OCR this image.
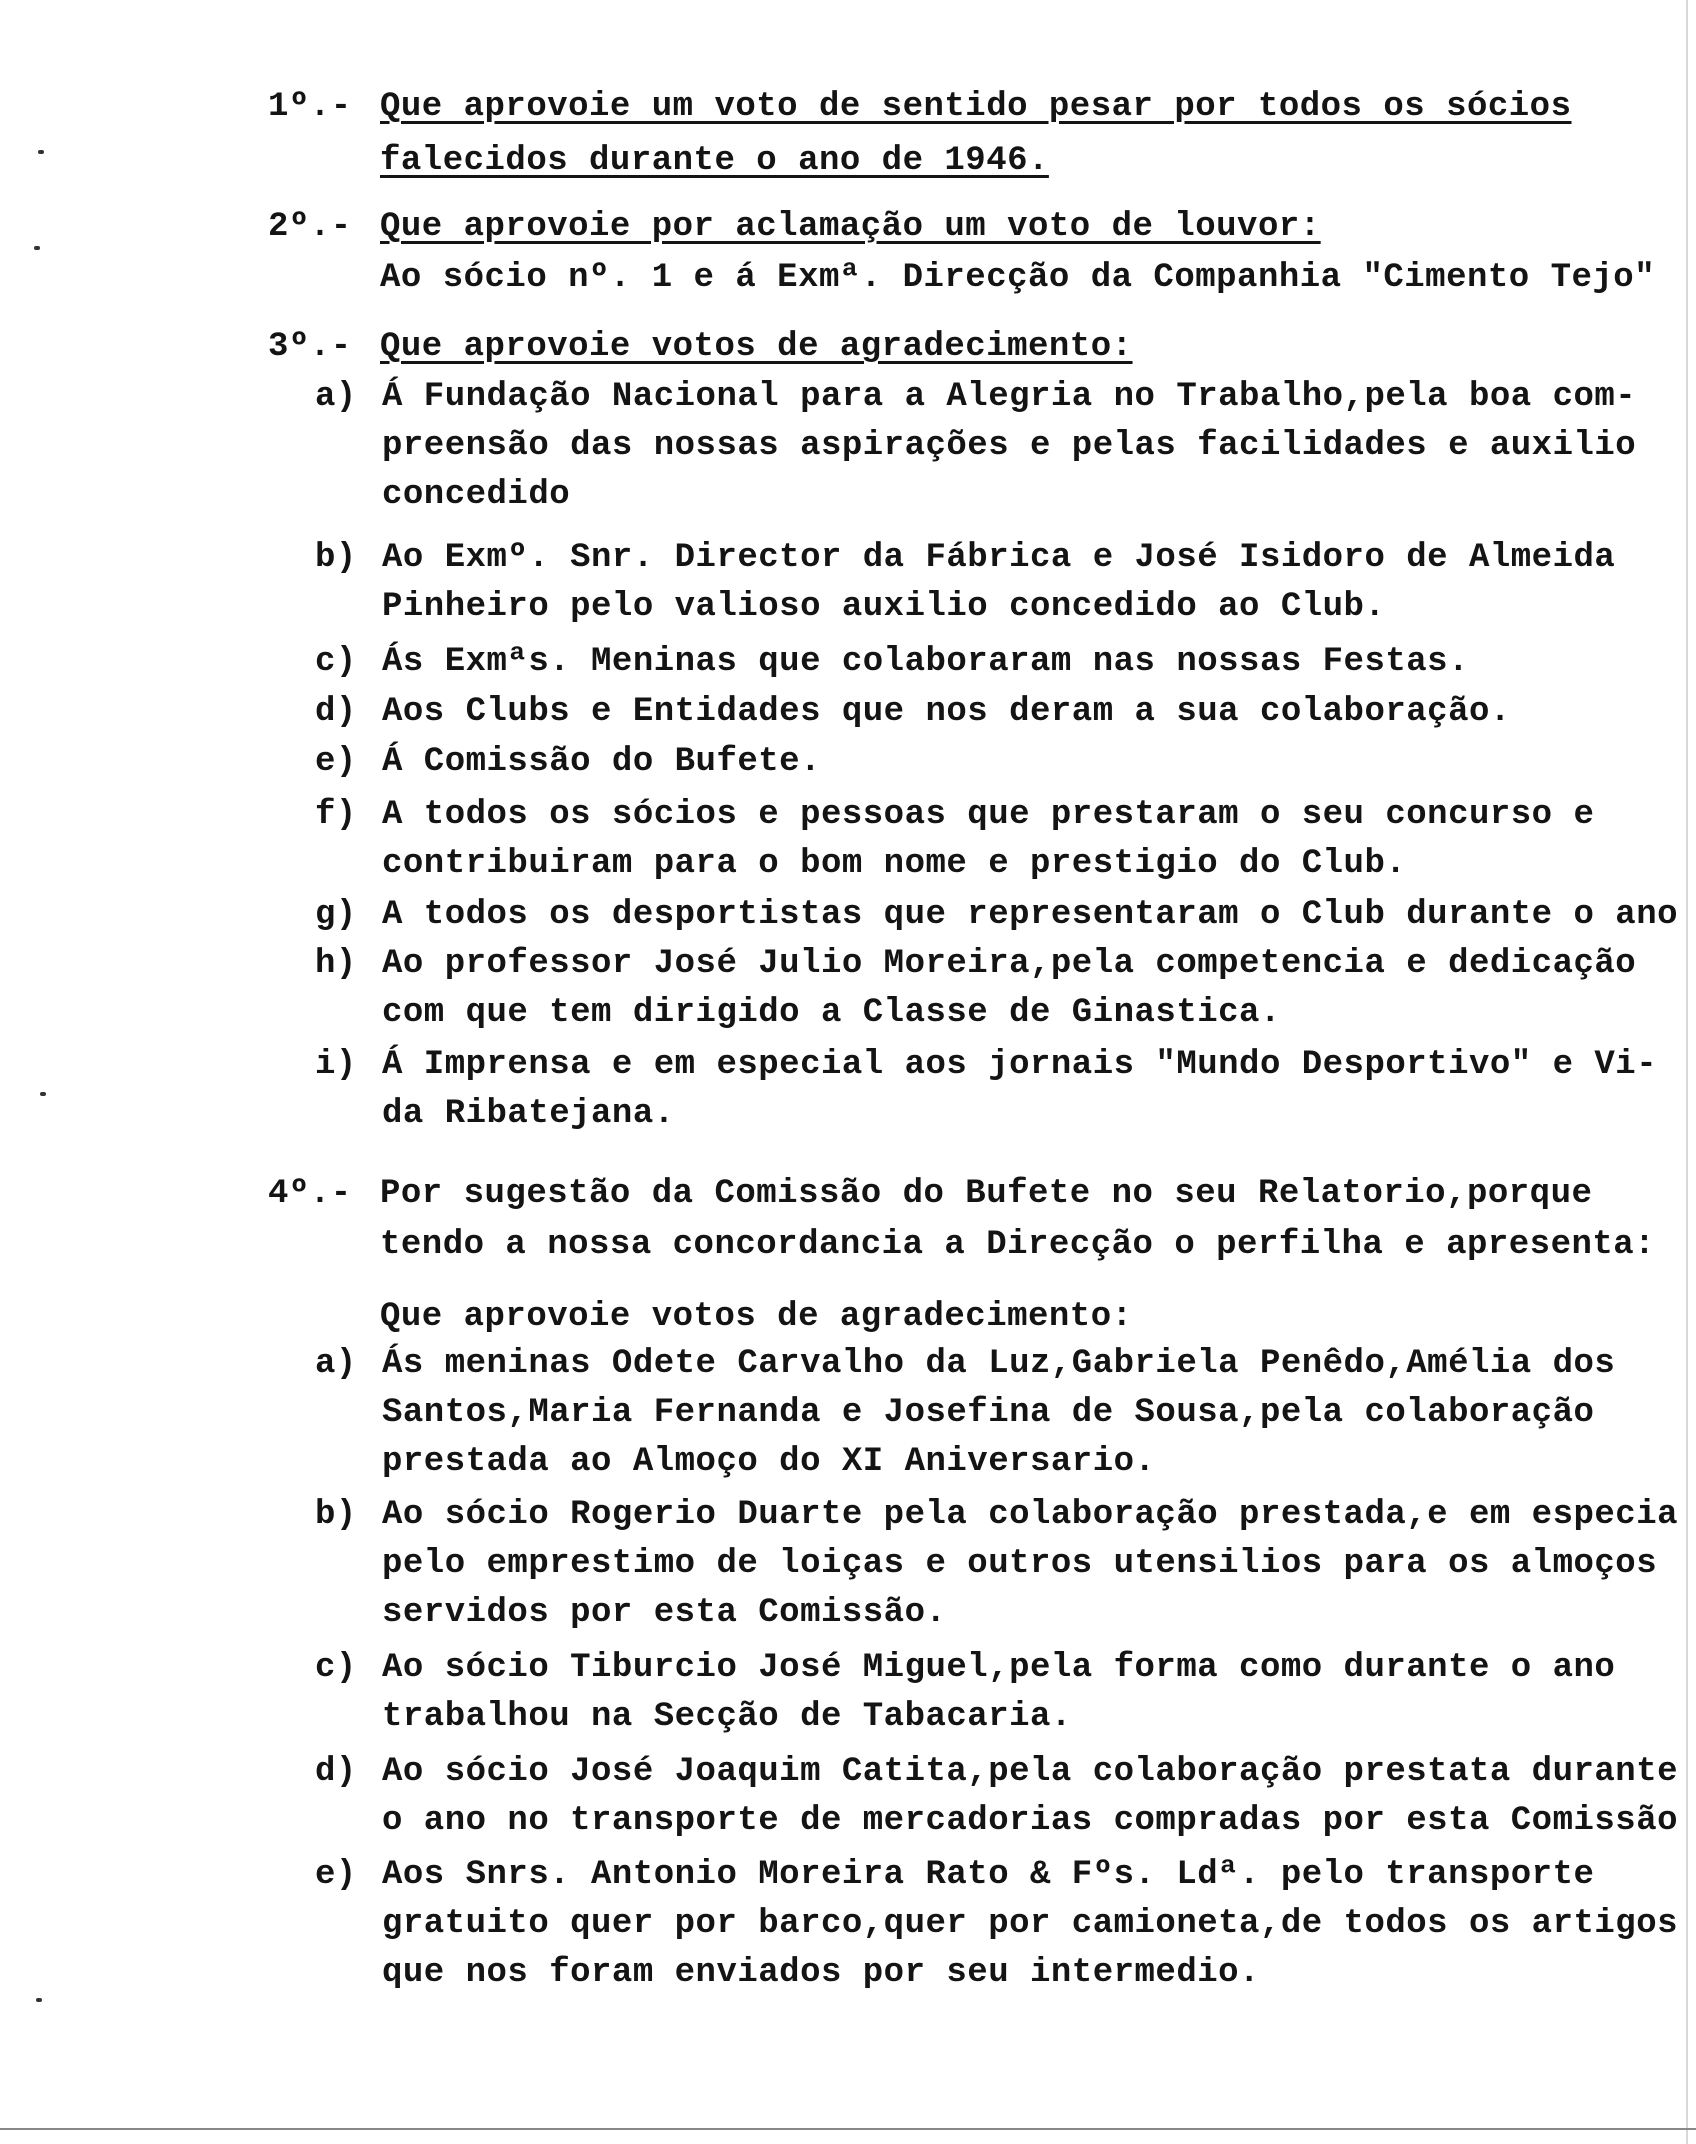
1º.- Que aprovoie um voto de sentido pesar por todos os sócios
falecidos durante o ano de 1946.
2º.- Que aprovoie por aclamação um voto de louvor:
Ao sócio nº. 1 e á Exmª. Direcção da Companhia "Cimento Tejo"
3º.- Que aprovoie votos de agradecimento:
a) Á Fundação Nacional para a Alegria no Trabalho,pela boa com-
preensão das nossas aspirações e pelas facilidades e auxilio
concedido
b) Ao Exmº. Snr. Director da Fábrica e José Isidoro de Almeida
Pinheiro pelo valioso auxilio concedido ao Club.
c) Ás Exmªs. Meninas que colaboraram nas nossas Festas.
d) Aos Clubs e Entidades que nos deram a sua colaboração.
e) Á Comissão do Bufete.
f) A todos os sócios e pessoas que prestaram o seu concurso e
contribuiram para o bom nome e prestigio do Club.
g) A todos os desportistas que representaram o Club durante o ano
h) Ao professor José Julio Moreira,pela competencia e dedicação
com que tem dirigido a Classe de Ginastica.
i) Á Imprensa e em especial aos jornais "Mundo Desportivo" e Vi-
da Ribatejana.
4º.- Por sugestão da Comissão do Bufete no seu Relatorio,porque
tendo a nossa concordancia a Direcção o perfilha e apresenta:
Que aprovoie votos de agradecimento:
a) Ás meninas Odete Carvalho da Luz,Gabriela Penêdo,Amélia dos
Santos,Maria Fernanda e Josefina de Sousa,pela colaboração
prestada ao Almoço do XI Aniversario.
b) Ao sócio Rogerio Duarte pela colaboração prestada,e em especia
pelo emprestimo de loiças e outros utensilios para os almoços
servidos por esta Comissão.
c) Ao sócio Tiburcio José Miguel,pela forma como durante o ano
trabalhou na Secção de Tabacaria.
d) Ao sócio José Joaquim Catita,pela colaboração prestata durante
o ano no transporte de mercadorias compradas por esta Comissão
e) Aos Snrs. Antonio Moreira Rato & Fºs. Ldª. pelo transporte
gratuito quer por barco,quer por camioneta,de todos os artigos
que nos foram enviados por seu intermedio.
